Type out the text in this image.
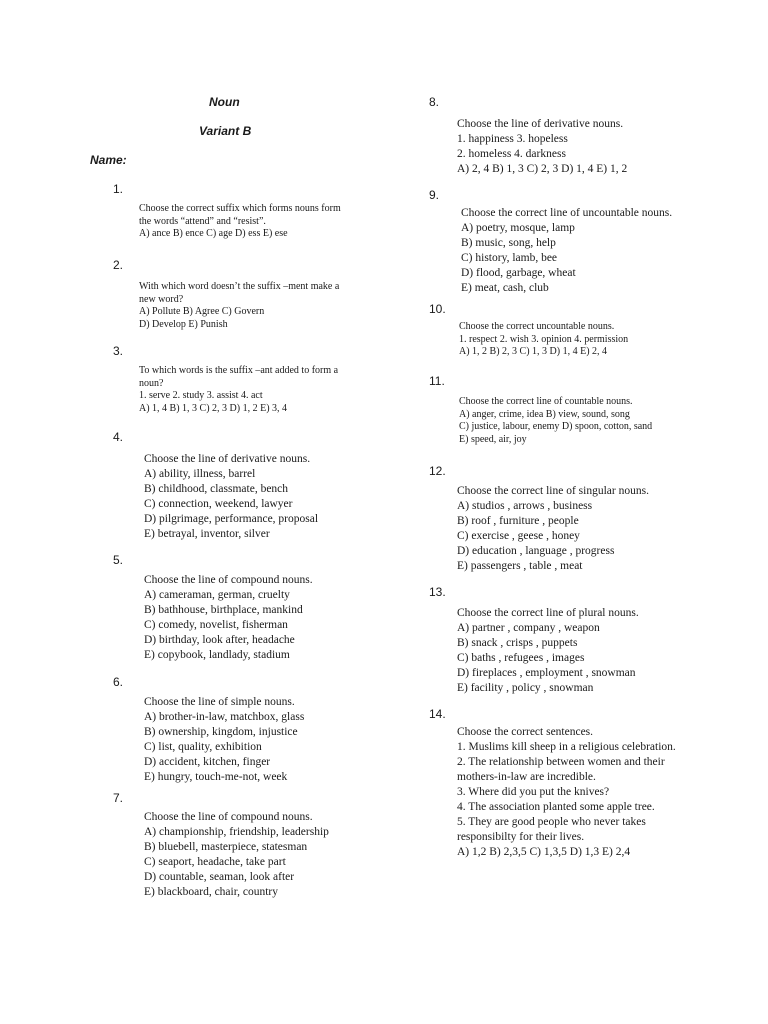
Noun
Variant B
Name:
1.
Choose the correct suffix which forms nouns form
the words “attend” and “resist”.
A) ance B) ence C) age D) ess E) ese
2.
With which word doesn’t the suffix –ment make a
new word?
A) Pollute B) Agree C) Govern
D) Develop E) Punish
3.
To which words is the suffix –ant added to form a
noun?
1. serve 2. study 3. assist 4. act
A) 1, 4 B) 1, 3 C) 2, 3 D) 1, 2 E) 3, 4
4.
Choose the line of derivative nouns.
A) ability, illness, barrel
B) childhood, classmate, bench
C) connection, weekend, lawyer
D) pilgrimage, performance, proposal
E) betrayal, inventor, silver
5.
Choose the line of compound nouns.
A) cameraman, german, cruelty
B) bathhouse, birthplace, mankind
C) comedy, novelist, fisherman
D) birthday, look after, headache
E) copybook, landlady, stadium
6.
Choose the line of simple nouns.
A) brother-in-law, matchbox, glass
B) ownership, kingdom, injustice
C) list, quality, exhibition
D) accident, kitchen, finger
E) hungry, touch-me-not, week
7.
Choose the line of compound nouns.
A) championship, friendship, leadership
B) bluebell, masterpiece, statesman
C) seaport, headache, take part
D) countable, seaman, look after
E) blackboard, chair, country
8.
Choose the line of derivative nouns.
1. happiness 3. hopeless
2. homeless 4. darkness
A) 2, 4 B) 1, 3 C) 2, 3 D) 1, 4 E) 1, 2
9.
Choose the correct line of uncountable nouns.
A) poetry, mosque, lamp
B) music, song, help
C) history, lamb, bee
D) flood, garbage, wheat
E) meat, cash, club
10.
Choose the correct uncountable nouns.
1. respect 2. wish 3. opinion 4. permission
A) 1, 2 B) 2, 3 C) 1, 3 D) 1, 4 E) 2, 4
11.
Choose the correct line of countable nouns.
A) anger, crime, idea B) view, sound, song
C) justice, labour, enemy D) spoon, cotton, sand
E) speed, air, joy
12.
Choose the correct line of singular nouns.
A) studios , arrows , business
B) roof , furniture , people
C) exercise , geese , honey
D) education , language , progress
E) passengers , table , meat
13.
Choose the correct line of plural nouns.
A) partner , company , weapon
B) snack , crisps , puppets
C) baths , refugees , images
D) fireplaces , employment , snowman
E) facility , policy , snowman
14.
Choose the correct sentences.
1. Muslims kill sheep in a religious celebration.
2. The relationship between women and their
mothers-in-law are incredible.
3. Where did you put the knives?
4. The association planted some apple tree.
5. They are good people who never takes
responsibilty for their lives.
A) 1,2 B) 2,3,5 C) 1,3,5 D) 1,3 E) 2,4
